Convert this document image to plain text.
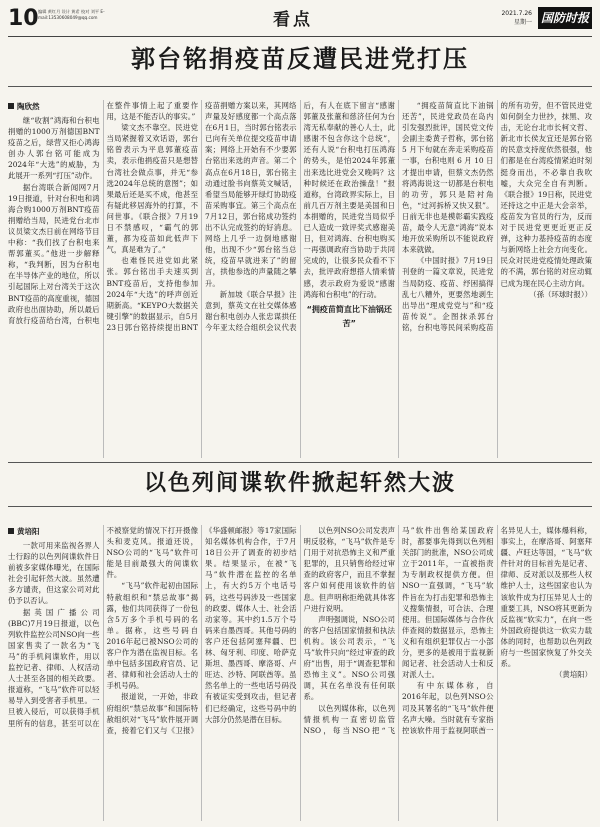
10 编辑 黄红月 设计 黄希 校对 刘平 E-mail:13530608049@qq.com	看点	2021.7.26
星期一 国防时报
郭台铭捐疫苗反遭民进党打压

陶欣然

继“收割”鸿海和台积电捐赠的1000万剂德国BNT疫苗之后，绿营又拒心鸿海创办人郭台铭可能成为2024年“大选”的威胁，为此展开一系列“打压”动作。

据台湾联合新闻网7月19日报道，针对台积电和鸿海合购1000万剂BNT疫苗捐赠给当局，民进党台北市议员梁文杰日前在网络节目中称：“我们找了台积电来帮郭董买。”他进一步解释称，“我判断，因为台积电在半导体产业的地位，所以引起国际上对台湾关于这次BNT疫苗的高度重视，德国政府也出面协助，所以最后育放行疫苗给台湾，台积电在整件事情上起了重要作用，这是不能否认的事实。”

梁文杰不靠空。民进党当局紧握着又欢话语，郭台铭曾表示为平息郭董疫苗卖，表示他捐疫苗只是想替台湾社会做点事，并无“参选2024年总统的意图”；如果最后还是买不成，他甚至有疑此移居海外的打算，不问世事。《联合报》7月19日不禁感叹，“霸气的郭董，都为疫苗如此低声下气，真是难为了。”

也难怪民进党如此紧张。郭台铭出手夫速买到BNT疫苗后，支持他参加2024年“大选”的呼声创近期新高。“KEYPO大数据关键引擎”的数据显示，自5月23日郭台铭持续提出BNT疫苗捐赠方案以来，其网络声量及好感度都一个高点落在6月1日，当时郭台铭表示已向有关单位提交疫苗申请案；网络上开始有不少要郭台铭出来选的声音。第二个高点在6月18日，郭台铭主动通过脸书向蔡英文喊话，希望当局能够开绿灯协助疫苗采购事宜。第三个高点在7月12日，郭台铭成功签约出不认完成签约的好消息。网络上几乎一边倒地感谢他，出现不少“郭台铭当总统，疫苗早就进来了”的留言，拱他参选的声量随之攀升。

新加坡《联合早报》注意到，蔡英文在社交媒体感谢台积电创办人张忠谋拱任今年亚太经合组织会议代表后，有人在底下留言“感谢郭董及张董和慈济任何为台湾无私奉献的善心人士，此感谢不包含你这个总统”，还有人说“台积电打压鸿海的势头，是怕2024年郭董出来选比进党会又晚吗？这种时候还在政治操盘！”报道称，台湾政界实际上，目前几百万剂主要是美国和日本捐赠的，民进党当局似乎已人造成一致评奖式感谢美日，但对鸿海、台积电购买一再强调政府当协助于共同完成的，让很多民众看不下去，批评政府想搭人情乘情感，表示政府为爱说“感谢鸿海和台积电”的行动。

“拥疫苗简直比下油锅还苦”

“拥疫苗简直比下油锅还苦”，民进党政员在岛内引发强烈批评，国民党文传会副主委黄子哲称，郭台铭 5 月下旬就在奔走采购疫苗一事，台积电则 6 月 10 日才提出申请，但蔡文杰仍然将鸿海说这一切都是台积电的功劳，郭只是陪衬角色，“过河拆桥又快又狠”。日前无非也是模彰霸实践疫苗，最令人无意“鸿海”说本地开放采购所以不能说政府本来就做。

《中国时报》7月19日刊登的一篇文章说，民进党当局防疫、疫苗、纾困搞得乱七八糟外，更要然地剥生出导出“理成党党与”和“疫苗传说”。企图抹杀郭台铭，台积电等民间采购疫苗的所有功劳，但不管民进党如何倒全力世抄，抹黑、攻击，无论台北市长柯文哲、新北市长侯友宜还是郭台铭的民意支持度依然很强，他们都是在台湾疫情紧迫时刻挺身而出，不必靠自我吹嘘，大众完全自有判断。《联合报》19日称，民进党还持这之中正是大会亲举，疫苗发为官员的行为，反而对于民进党更更近更正反弹，这种力基持疫苗的态度与新网络上社会方向变化。民众对民进党疫情处理政策的不满，郭台铭的对应动辄已成为现在民心主动方向。

（孫（环球时报））

以色列间谍软件掀起轩然大波

黄培阳

一款可用来监视各界人士行踪的以色列间谍软件日前被多家媒体曝光，在国际社会引起轩然大波。虽然遭多方谴责，但这家公司对此仍予以否认。

据英国广播公司(BBC)7月19日报道，以色列软件监控公司NSO向一些国家售卖了一款名为“飞马”的手机间谍软件，用以监控记者、律师、人权活动人士甚至各国的相关政要。报道称，“飞马”软件可以轻易导入到受害者手机里。一旦被入侵后，可以获得手机里所有的信息，甚至可以在不被察觉的情况下打开摄像头和麦克风。报道还说，NSO公司的“飞马”软件可能是目前最强大的间谍软件。

“飞马”软件起初由国际特赦组织和“禁忌故事”揭露，他们共同获得了一份包含5万多个手机号码的名单。据称，这些号码自2016年起已被NSO公司的客户作为潜在监视目标。名单中包括多国政府官员、记者、律师和社会活动人士的手机号码。

报道说，一开始，非政府组织“禁忌故事”和国际特赦组织对“飞马”软件展开调查，接着它们又与《卫报》《华盛顿邮报》等17家国际知名媒体机构合作，于7月18日公开了调查的初步结果。结果显示，在被“飞马”软件潜在监控的名单上，有大约5万个电话号码，这些号码涉及一些国家的政要、媒体人士、社会活动家等。其中约1.5万个号码来自墨西哥。其他号码的客户还包括阿塞拜疆、巴林、匈牙利、印度、哈萨克斯坦、墨西哥、摩洛哥、卢旺达、沙特、阿联酋等。虽然名单上的一些电话号码没有被证实受到攻击，但记者们已经确定，这些号码中的大部分仍然是潜在目标。

以色列NSO公司发表声明反驳称，“飞马”软件是专门用于对抗恐怖主义和严重犯罪的，且只销售给经过审查的政府客户，而且不掌握客户如何使用该软件的信息。但声明称拒绝就具体客户进行说明。

声明强调说，NSO公司的客户包括国家情报和执法机构。该公司表示，“飞马”软件只向“经过审查的政府”出售，用于“调查犯罪和恐怖主义”。NSO公司强调，其在名单没有任何联系。

以色列媒体称，以色列情报机构一直密切监管NSO，每当NSO把“飞马”软件出售给某国政府时，都要事先得到以色列相关部门的批准，NSO公司成立于2011年，一直被指责为专制政权提供方便。但NSO一直强调，“飞马”软件旨在为打击犯罪和恐怖主义搜集情报，可合法、合理使用。但国际媒体与合作伙伴查阅的数据显示，恐怖主义和有组织犯罪仅占一小部分，更多的是被用于监视新闻记者、社会活动人士和反对派人士。

有中东媒体称，自2016年起，以色列NSO公司及其署名的“飞马”软件便名声大噪。当时就有专家指控该软件用于监视阿联酋一名异见人士，媒体爆料称，事实上，在摩洛哥、阿塞拜疆、卢旺达等国，“飞马”软件针对的目标首先是记者、律师、反对派以及那些人权维护人士，这些国家也认为该软件成为打压异见人士的重要工具，NSO将其更新为反监视“软实力”，在向一些外国政府提供这一软实力载体的同时，也帮助以色列政府与一些国家恢复了外交关系。

（黄培阳）
